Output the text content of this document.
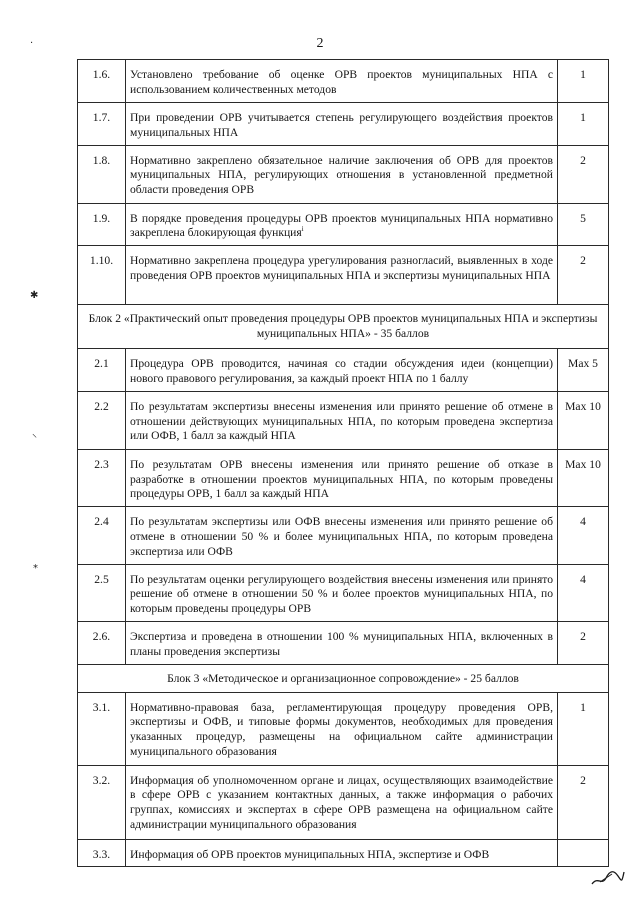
2
·
✱
⸌
⁎
1.6.	Установлено требование об оценке ОРВ проектов муниципальных НПА с использованием количественных методов	1
1.7.	При проведении ОРВ учитывается степень регулирующего воздействия проектов муниципальных НПА	1
1.8.	Нормативно закреплено обязательное наличие заключения об ОРВ для проектов муниципальных НПА, регулирующих отношения в установленной предметной области проведения ОРВ	2
1.9.	В порядке проведения процедуры ОРВ проектов муниципальных НПА нормативно закреплена блокирующая функция$^i$	5
1.10.	Нормативно закреплена процедура урегулирования разногласий, выявленных в ходе проведения ОРВ проектов муниципальных НПА и экспертизы муниципальных НПА	2
Блок 2 «Практический опыт проведения процедуры ОРВ проектов муниципальных НПА и экспертизы муниципальных НПА» - 35 баллов		
2.1	Процедура ОРВ проводится, начиная со стадии обсуждения идеи (концепции) нового правового регулирования, за каждый проект НПА по 1 баллу	Max 5
2.2	По результатам экспертизы внесены изменения или принято решение об отмене в отношении действующих муниципальных НПА, по которым проведена экспертиза или ОФВ, 1 балл за каждый НПА	Max 10
2.3	По результатам ОРВ внесены изменения или принято решение об отказе в разработке в отношении проектов муниципальных НПА, по которым проведены процедуры ОРВ, 1 балл за каждый НПА	Max 10
2.4	По результатам экспертизы или ОФВ внесены изменения или принято решение об отмене в отношении 50 % и более муниципальных НПА, по которым проведена экспертиза или ОФВ	4
2.5	По результатам оценки регулирующего воздействия внесены изменения или принято решение об отмене в отношении 50 % и более проектов муниципальных НПА, по которым проведены процедуры ОРВ	4
2.6.	Экспертиза и проведена в отношении 100 % муниципальных НПА, включенных в планы проведения экспертизы	2
Блок 3 «Методическое и организационное сопровождение» - 25 баллов		
3.1.	Нормативно-правовая база, регламентирующая процедуру проведения ОРВ, экспертизы и ОФВ, и типовые формы документов, необходимых для проведения указанных процедур, размещены на официальном сайте администрации муниципального образования	1
3.2.	Информация об уполномоченном органе и лицах, осуществляющих взаимодействие в сфере ОРВ с указанием контактных данных, а также информация о рабочих группах, комиссиях и экспертах в сфере ОРВ размещена на официальном сайте администрации муниципального образования	2
3.3.	Информация об ОРВ проектов муниципальных НПА, экспертизе и ОФВ	
